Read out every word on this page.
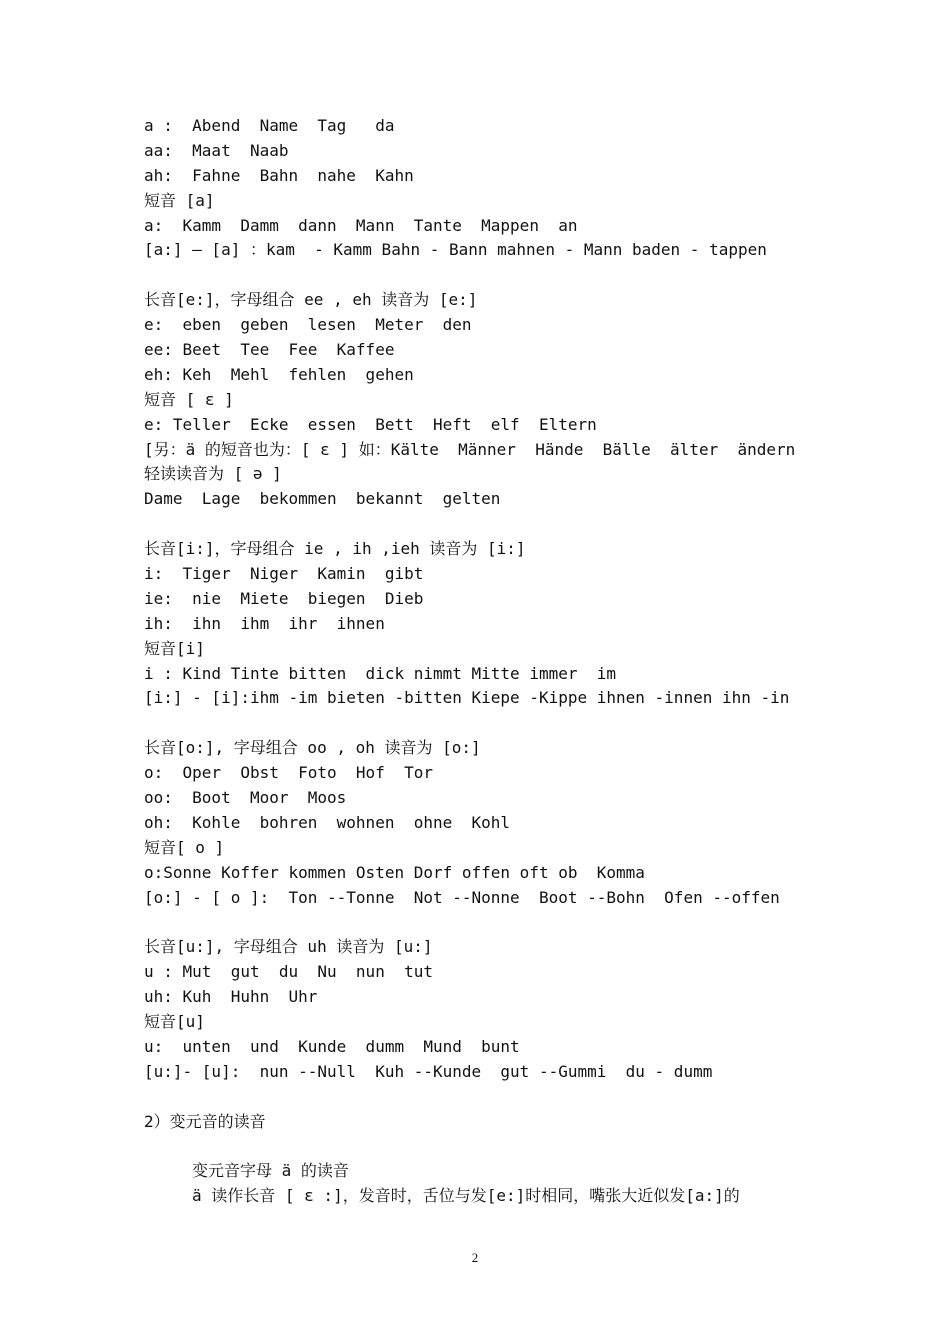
a :  Abend  Name  Tag   da
aa:  Maat  Naab
ah:  Fahne  Bahn  nahe  Kahn
短音 [a]
a:  Kamm  Damm  dann  Mann  Tante  Mappen  an
[a:] — [a] ：kam  - Kamm Bahn - Bann mahnen - Mann baden - tappen
长音[e:]，字母组合 ee , eh 读音为 [e:]
e:  eben  geben  lesen  Meter  den
ee: Beet  Tee  Fee  Kaffee
eh: Keh  Mehl  fehlen  gehen
短音 [ ɛ ]
e: Teller  Ecke  essen  Bett  Heft  elf  Eltern
[另：ä 的短音也为：[ ɛ ] 如：Kälte  Männer  Hände  Bälle  älter  ändern
轻读读音为 [ ə ]
Dame  Lage  bekommen  bekannt  gelten
长音[i:]，字母组合 ie , ih ,ieh 读音为 [i:]
i:  Tiger  Niger  Kamin  gibt
ie:  nie  Miete  biegen  Dieb
ih:  ihn  ihm  ihr  ihnen
短音[i]
i : Kind Tinte bitten  dick nimmt Mitte immer  im
[i:] - [i]:ihm -im bieten -bitten Kiepe -Kippe ihnen -innen ihn -in
长音[o:], 字母组合 oo , oh 读音为 [o:]
o:  Oper  Obst  Foto  Hof  Tor
oo:  Boot  Moor  Moos
oh:  Kohle  bohren  wohnen  ohne  Kohl
短音[ o ]
o:Sonne Koffer kommen Osten Dorf offen oft ob  Komma
[o:] - [ o ]:  Ton --Tonne  Not --Nonne  Boot --Bohn  Ofen --offen
长音[u:], 字母组合 uh 读音为 [u:]
u : Mut  gut  du  Nu  nun  tut
uh: Kuh  Huhn  Uhr
短音[u]
u:  unten  und  Kunde  dumm  Mund  bunt
[u:]- [u]:  nun --Null  Kuh --Kunde  gut --Gummi  du - dumm
2）变元音的读音
变元音字母 ä 的读音
ä 读作长音 [ ɛ :]，发音时，舌位与发[e:]时相同，嘴张大近似发[a:]的
2
